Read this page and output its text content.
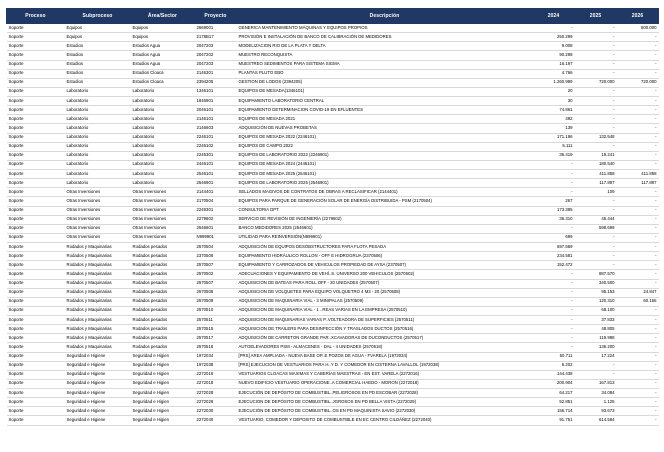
Proceso	Subproceso	Área/Sector	Proyecto	Descripción	2024	2025	2026
Soporte	Equipos	Equipos	2669001	GENERICA MANTENIMIENTO MÁQUINAS Y EQUIPOS PROPIOS	-	-	500.000
Soporte	Equipos	Equipos	2178B17	PROVISIÓN E INSTALACIÓN DE BANCO DE CALIBRACIÓN DE MEDIDORES	250.299	-	-
Soporte	Estudios	Estudios Agua	2047203	MODELIZACION RIO DE LA PLATA Y DELTA	9.008	-	-
Soporte	Estudios	Estudios Agua	2047202	MUESTRO RECONQUISTA	90.298	-	-
Soporte	Estudios	Estudios Agua	2047203	MUESTREO SEDIMENTOS PARA SISTEMA SIGMA	16.197	-	-
Soporte	Estudios	Estudios Cloaca	2146301	PLANTAS PLUTO EBO	4.766	-	-
Soporte	Estudios	Estudios Cloaca	2394205	GESTION DE LODOS (2394205)	1.260.999	720.000	720.000
Soporte	Laboratorio	Laboratorio	1346101	EQUIPOS DE MESADA(1346101)	20	-	-
Soporte	Laboratorio	Laboratorio	1846901	EQUIPAMIENTO LABORATORIO CENTRAL	30	-	-
Soporte	Laboratorio	Laboratorio	2046101	EQUIPAMIENTO DETERMINACION COVID-19 EN EFLUENTES	74.861	-	-
Soporte	Laboratorio	Laboratorio	2146101	EQUIPOS DE MESADA 2021	492	-	-
Soporte	Laboratorio	Laboratorio	2146603	ADQUISICIÓN DE NUEVAS PROBETAS	139	-	-
Soporte	Laboratorio	Laboratorio	2246101	EQUIPOS DE MESADA 2022 (2246101)	171.196	132.548	-
Soporte	Laboratorio	Laboratorio	2246102	EQUIPOS DE CAMPO 2022	5.111	-	-
Soporte	Laboratorio	Laboratorio	2246301	EQUIPOS DE LABORATORIO 2022 (2246901)	36.419	19.241	-
Soporte	Laboratorio	Laboratorio	2446101	EQUIPOS DE MESADA 2024 (2446101)	-	180.540	-
Soporte	Laboratorio	Laboratorio	2546101	EQUIPOS DE MESADA 2025 (2546101)	-	411.858	411.858
Soporte	Laboratorio	Laboratorio	2546901	EQUIPOS DE LABORATORIO 2025 (2546901)	-	117.897	117.897
Soporte	Otras Inversiones	Otras Inversiones	2144401	SELLADOS MAGIVOS DE CONTRATOS DE OBRAS A RECLASIFICAR (2144401)	-	109	-
Soporte	Otras Inversiones	Otras Inversiones	2170504	EQUIPOS PARA PARQUE DE GENERACIÓN SOLAR DE ENERGÍA DISTRIBUIDA - PSM (2170504)	267	-	-
Soporte	Otras Inversiones	Otras Inversiones	2249301	CONSULTORIA DPT	173.395	-	-
Soporte	Otras Inversiones	Otras Inversiones	2279602	SERVICIO DE REVISIÓN DE INGENIERÍA (2279602)	36.310	46.444	-
Soporte	Otras Inversiones	Otras Inversiones	2546601	BANCO MEDIDORES 2025 (2546601)	-	598.699	-
Soporte	Otras Inversiones	Otras Inversiones	N999901	UTILIDAD PARA REINVERSIÓN(N999901)	699	-	-
Soporte	Rodados y Maquinarias	Rodados pesados	2570504	ADQUISICIÓN DE EQUIPOS DESOBSTRUCTORES PARA FLOTA PESADA	697.569	-	-
Soporte	Rodados y Maquinarias	Rodados pesados	2370506	EQUIPAMIENTO HIDRÁULICO ROLLON - OFF E HIDROGRUA (2370506)	234.581	-	-
Soporte	Rodados y Maquinarias	Rodados pesados	2570507	EQUIPAMIENTO Y CARROZADOS DE VEHICULOS PROPIEDAD DE AYSA (2370507)	152.472	-	-
Soporte	Rodados y Maquinarias	Rodados pesados	2570502	ADECUACIONES Y EQUIPAMIENTO DE VEHÍ..S. UNIVERSO 200 VEHICULOS (2570502)	-	887.570	-
Soporte	Rodados y Maquinarias	Rodados pesados	2570507	ADQUISICION DE BATEAS PARA ROLL OFF - 20 UNIDADES (2570507)	-	340.500	-
Soporte	Rodados y Maquinarias	Rodados pesados	2570508	ADQUISICION DE VOLQUETES PARA EQUIPO VOLQUETRO 4 M3 - 20 (2570508)	-	95.153	24.847
Soporte	Rodados y Maquinarias	Rodados pesados	2570509	ADQUISICION DE MAQUINARIA VIAL - 3 MINIPALAS (2570509)	-	120.310	60.155
Soporte	Rodados y Maquinarias	Rodados pesados	2570510	ADQUISICION DE MAQUINARIA VIAL - 1 ..REAS VARIAS EN LA EMPRESA (2570510)	-	68.100	-
Soporte	Rodados y Maquinarias	Rodados pesados	2570511	ADQUISICION DE MAQUINARIAS VARIAS P..VOLTEADORA DE SUPERFICIES (2570511)	-	37.833	-
Soporte	Rodados y Maquinarias	Rodados pesados	2570515	ADQUISICION DE TRAILERS PARA DESINFECCIÓN Y TRASLADOS DUCTOS (2570516)	-	48.805	-
Soporte	Rodados y Maquinarias	Rodados pesados	2570517	ADQUISICIÓN DE CARRETON GRANDE PAR..XCAVADORAS DE DUCONDUCTOS (2570517)	-	119.988	-
Soporte	Rodados y Maquinarias	Rodados pesados	2570518	AUTOELEVADORES PSM - ALMACENES - DAL - 4 UNIDADES (2570518)	-	136.200	-
Soporte	Seguridad e Higiene	Seguridad e Higien	1972034	[PRS] AREA AMPLIADA - NUEVA BASE OP..E POZOS DE AGUA - FVARELA (1972034)	50.711	17.224	-
Soporte	Seguridad e Higiene	Seguridad e Higien	1972038	[PRS] EJECUCION DE VESTUARIOS PARA H..Y D. Y COMEDOR EN CISTERNA LAVALLOL (1972038)	6.202	-	-
Soporte	Seguridad e Higiene	Seguridad e Higien	2272016	VESTUARIOS CLOACAS MAXIMAS Y CABERÍAS MAESTRAS - EN EST. VARELA (2272016)	144.438	-	-
Soporte	Seguridad e Higiene	Seguridad e Higien	2272018	NUEVO EDIFICIO VESTUARIO OPERACIONE..A COMERCIAL HAEDO - MORON (2272018)	200.904	167.813	-
Soporte	Seguridad e Higiene	Seguridad e Higien	2272028	EJECUCIÓN DE DEPÓSITO DE COMBUSTIBL..PELIGROSOS EN PD ESCOBAR (2272028)	64.217	34.084	-
Soporte	Seguridad e Higiene	Seguridad e Higien	2272029	EJECUCION DE DEPÓSITO DE COMBUSTIBL..JGROSOS EN PD BELLA VISTA (2272029)	52.851	1.125	-
Soporte	Seguridad e Higiene	Seguridad e Higien	2272030	EJECUCIÓN DE DEPÓSITO DE COMBUSTIBL..OS EN PD MAQUINISTA SAVIO (2272030)	156.714	93.673	-
Soporte	Seguridad e Higiene	Seguridad e Higien	2272040	VESTUARIO, COMEDOR Y DEPOSITO DE COMBUSTIBLE EN EC CENTRO CILDÁÑEZ (2272040)	91.751	614.584	-
